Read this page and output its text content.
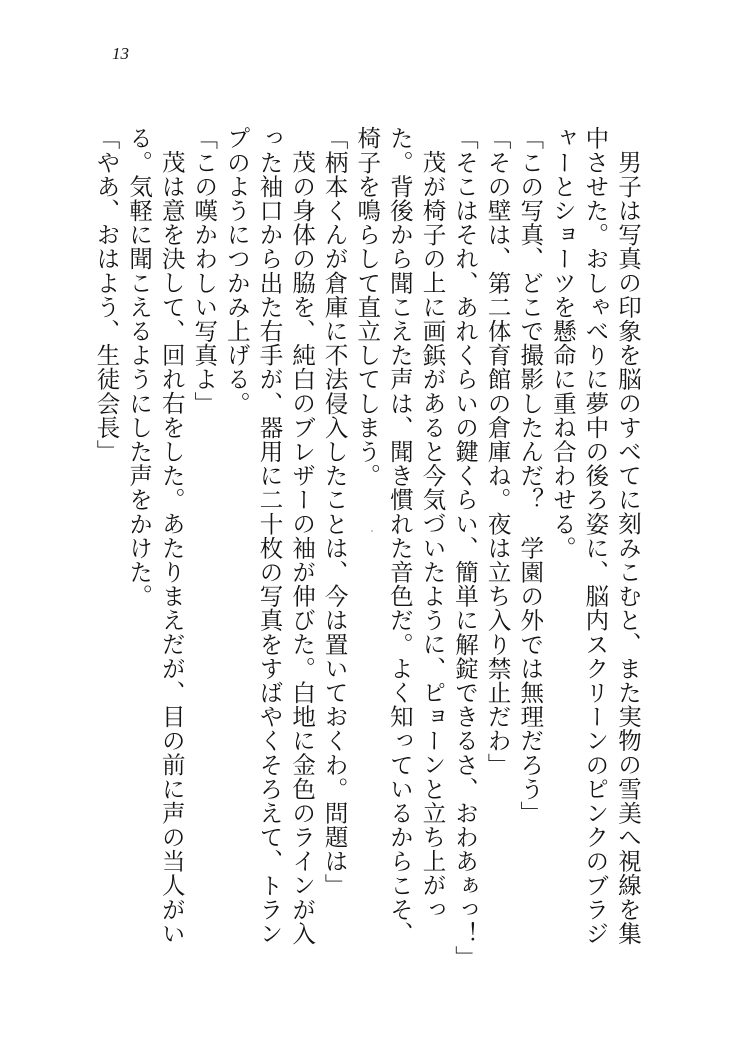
13

男子は写真の印象を脳のすべてに刻みこむと、また実物の雪美へ視線を集中させた。おしゃべりに夢中の後ろ姿に、脳内スクリーンのピンクのブラジャーとショーツを懸命に重ね合わせる。

「この写真、どこで撮影したんだ？　学園の外では無理だろう」

「その壁は、第二体育館の倉庫ね。夜は立ち入り禁止だわ」

「そこはそれ、あれくらいの鍵くらい、簡単に解錠できるさ、おわあぁっ！」

茂が椅子の上に画鋲があると今気づいたように、ピョーンと立ち上がった。背後から聞こえた声は、聞き慣れた音色だ。よく知っているからこそ、椅子を鳴らして直立してしまう。

「柄本くんが倉庫に不法侵入したことは、今は置いておくわ。問題は」

茂の身体の脇を、純白のブレザーの袖が伸びた。白地に金色のラインが入った袖口から出た右手が、器用に二十枚の写真をすばやくそろえて、トランプのようにつかみ上げる。

「この嘆かわしい写真よ」

茂は意を決して、回れ右をした。あたりまえだが、目の前に声の当人がいる。気軽に聞こえるようにした声をかけた。

「やあ、おはよう、生徒会長」
